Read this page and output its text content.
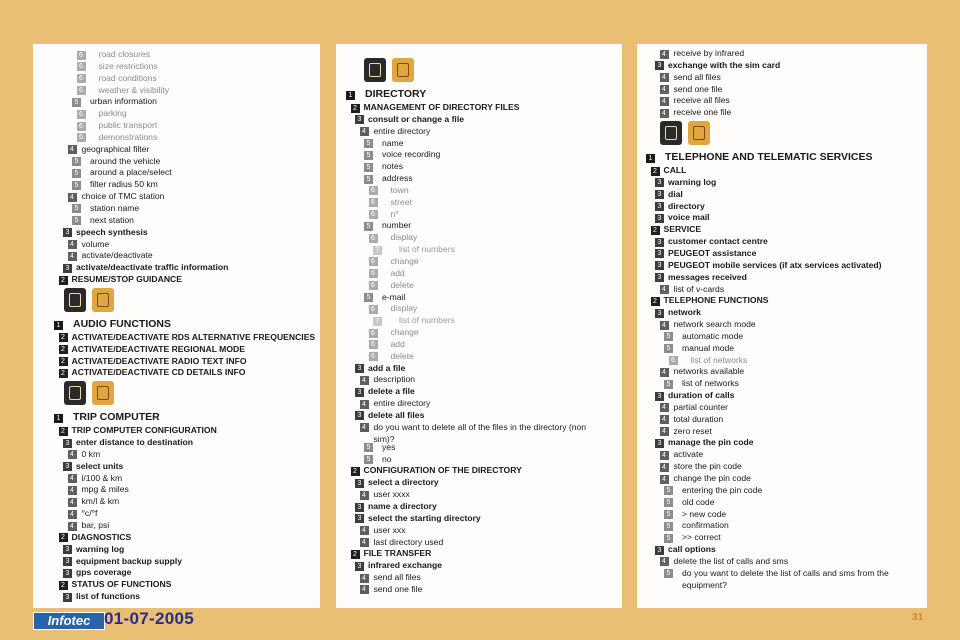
6 road closures
6 size restrictions
6 road conditions
6 weather & visibility
5 urban information
6 parking
6 public transport
6 demonstrations
4 geographical filter
5 around the vehicle
5 around a place/select
5 filter radius 50 km
4 choice of TMC station
5 station name
5 next station
3 speech synthesis
4 volume
4 activate/deactivate
3 activate/deactivate traffic information
2 RESUME/STOP GUIDANCE
1 AUDIO FUNCTIONS
2 ACTIVATE/DEACTIVATE RDS ALTERNATIVE FREQUENCIES
2 ACTIVATE/DEACTIVATE REGIONAL MODE
2 ACTIVATE/DEACTIVATE RADIO TEXT INFO
2 ACTIVATE/DEACTIVATE CD DETAILS INFO
1 TRIP COMPUTER
2 TRIP COMPUTER CONFIGURATION
3 enter distance to destination
4 0 km
3 select units
4 l/100 & km
4 mpg & miles
4 km/l & km
4 °c/°f
4 bar, psi
2 DIAGNOSTICS
3 warning log
3 equipment backup supply
3 gps coverage
2 STATUS OF FUNCTIONS
3 list of functions
1 DIRECTORY
2 MANAGEMENT OF DIRECTORY FILES
3 consult or change a file
4 entire directory
5 name
5 voice recording
5 notes
5 address
6 town
6 street
6 n°
5 number
6 display
7 list of numbers
6 change
6 add
6 delete
5 e-mail
6 display
7 list of numbers
6 change
6 add
6 delete
3 add a file
4 description
3 delete a file
4 entire directory
3 delete all files
4 do you want to delete all of the files in the directory (non sim)?
5 yes
5 no
2 CONFIGURATION OF THE DIRECTORY
3 select a directory
4 user xxxx
3 name a directory
3 select the starting directory
4 user xxx
4 last directory used
2 FILE TRANSFER
3 infrared exchange
4 send all files
4 send one file
4 receive by infrared
3 exchange with the sim card
4 send all files
4 send one file
4 receive all files
4 receive one file
1 TELEPHONE AND TELEMATIC SERVICES
2 CALL
3 warning log
3 dial
3 directory
3 voice mail
2 SERVICE
3 customer contact centre
3 PEUGEOT assistance
3 PEUGEOT mobile services (if atx services activated)
3 messages received
4 list of v-cards
2 TELEPHONE FUNCTIONS
3 network
4 network search mode
5 automatic mode
5 manual mode
6 list of networks
4 networks available
5 list of networks
3 duration of calls
4 partial counter
4 total duration
4 zero reset
3 manage the pin code
4 activate
4 store the pin code
4 change the pin code
5 entering the pin code
5 old code
5 > new code
5 confirmation
5 >> correct
3 call options
4 delete the list of calls and sms
5 do you want to delete the list of calls and sms from the equipment?
Infotec 01-07-2005	31
